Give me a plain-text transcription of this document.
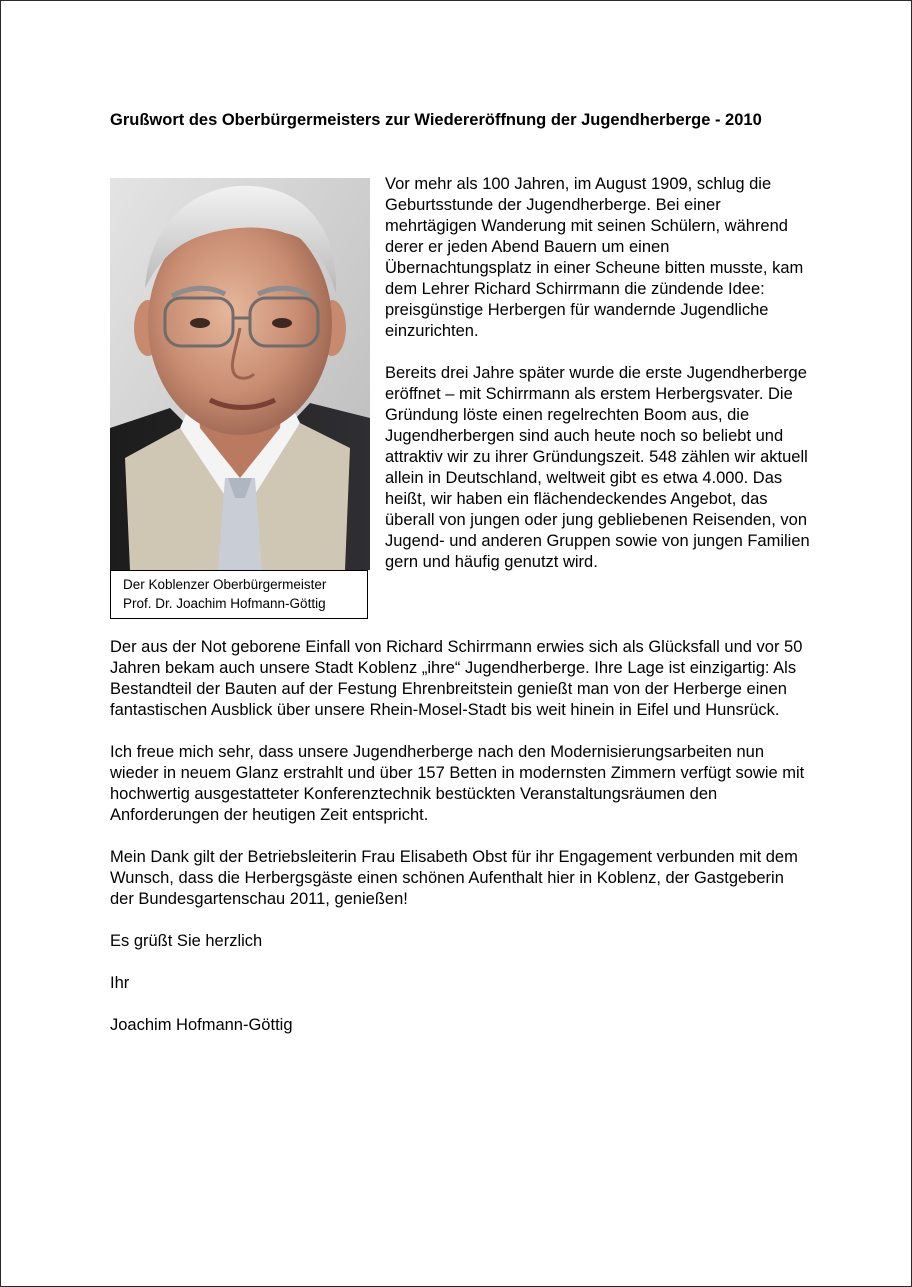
Grußwort des Oberbürgermeisters zur Wiedereröffnung der Jugendherberge - 2010
Der Koblenzer Oberbürgermeister
Prof. Dr. Joachim Hofmann-Göttig

Vor mehr als 100 Jahren, im August 1909, schlug die Geburtsstunde der Jugendherberge. Bei einer mehrtägigen Wanderung mit seinen Schülern, während derer er jeden Abend Bauern um einen Übernachtungsplatz in einer Scheune bitten musste, kam dem Lehrer Richard Schirrmann die zündende Idee: preisgünstige Herbergen für wandernde Jugendliche einzurichten.

Bereits drei Jahre später wurde die erste Jugendherberge eröffnet – mit Schirrmann als erstem Herbergsvater. Die Gründung löste einen regelrechten Boom aus, die Jugendherbergen sind auch heute noch so beliebt und attraktiv wir zu ihrer Gründungszeit. 548 zählen wir aktuell allein in Deutschland, weltweit gibt es etwa 4.000. Das heißt, wir haben ein flächendeckendes Angebot, das überall von jungen oder jung gebliebenen Reisenden, von Jugend- und anderen Gruppen sowie von jungen Familien gern und häufig genutzt wird.

Der aus der Not geborene Einfall von Richard Schirrmann erwies sich als Glücksfall und vor 50 Jahren bekam auch unsere Stadt Koblenz „ihre“ Jugendherberge. Ihre Lage ist einzigartig: Als Bestandteil der Bauten auf der Festung Ehrenbreitstein genießt man von der Herberge einen fantastischen Ausblick über unsere Rhein-Mosel-Stadt bis weit hinein in Eifel und Hunsrück.

Ich freue mich sehr, dass unsere Jugendherberge nach den Modernisierungsarbeiten nun wieder in neuem Glanz erstrahlt und über 157 Betten in modernsten Zimmern verfügt sowie mit hochwertig ausgestatteter Konferenztechnik bestückten Veranstaltungsräumen den Anforderungen der heutigen Zeit entspricht.

Mein Dank gilt der Betriebsleiterin Frau Elisabeth Obst für ihr Engagement verbunden mit dem Wunsch, dass die Herbergsgäste einen schönen Aufenthalt hier in Koblenz, der Gastgeberin der Bundesgartenschau 2011, genießen!

Es grüßt Sie herzlich

Ihr

Joachim Hofmann-Göttig
